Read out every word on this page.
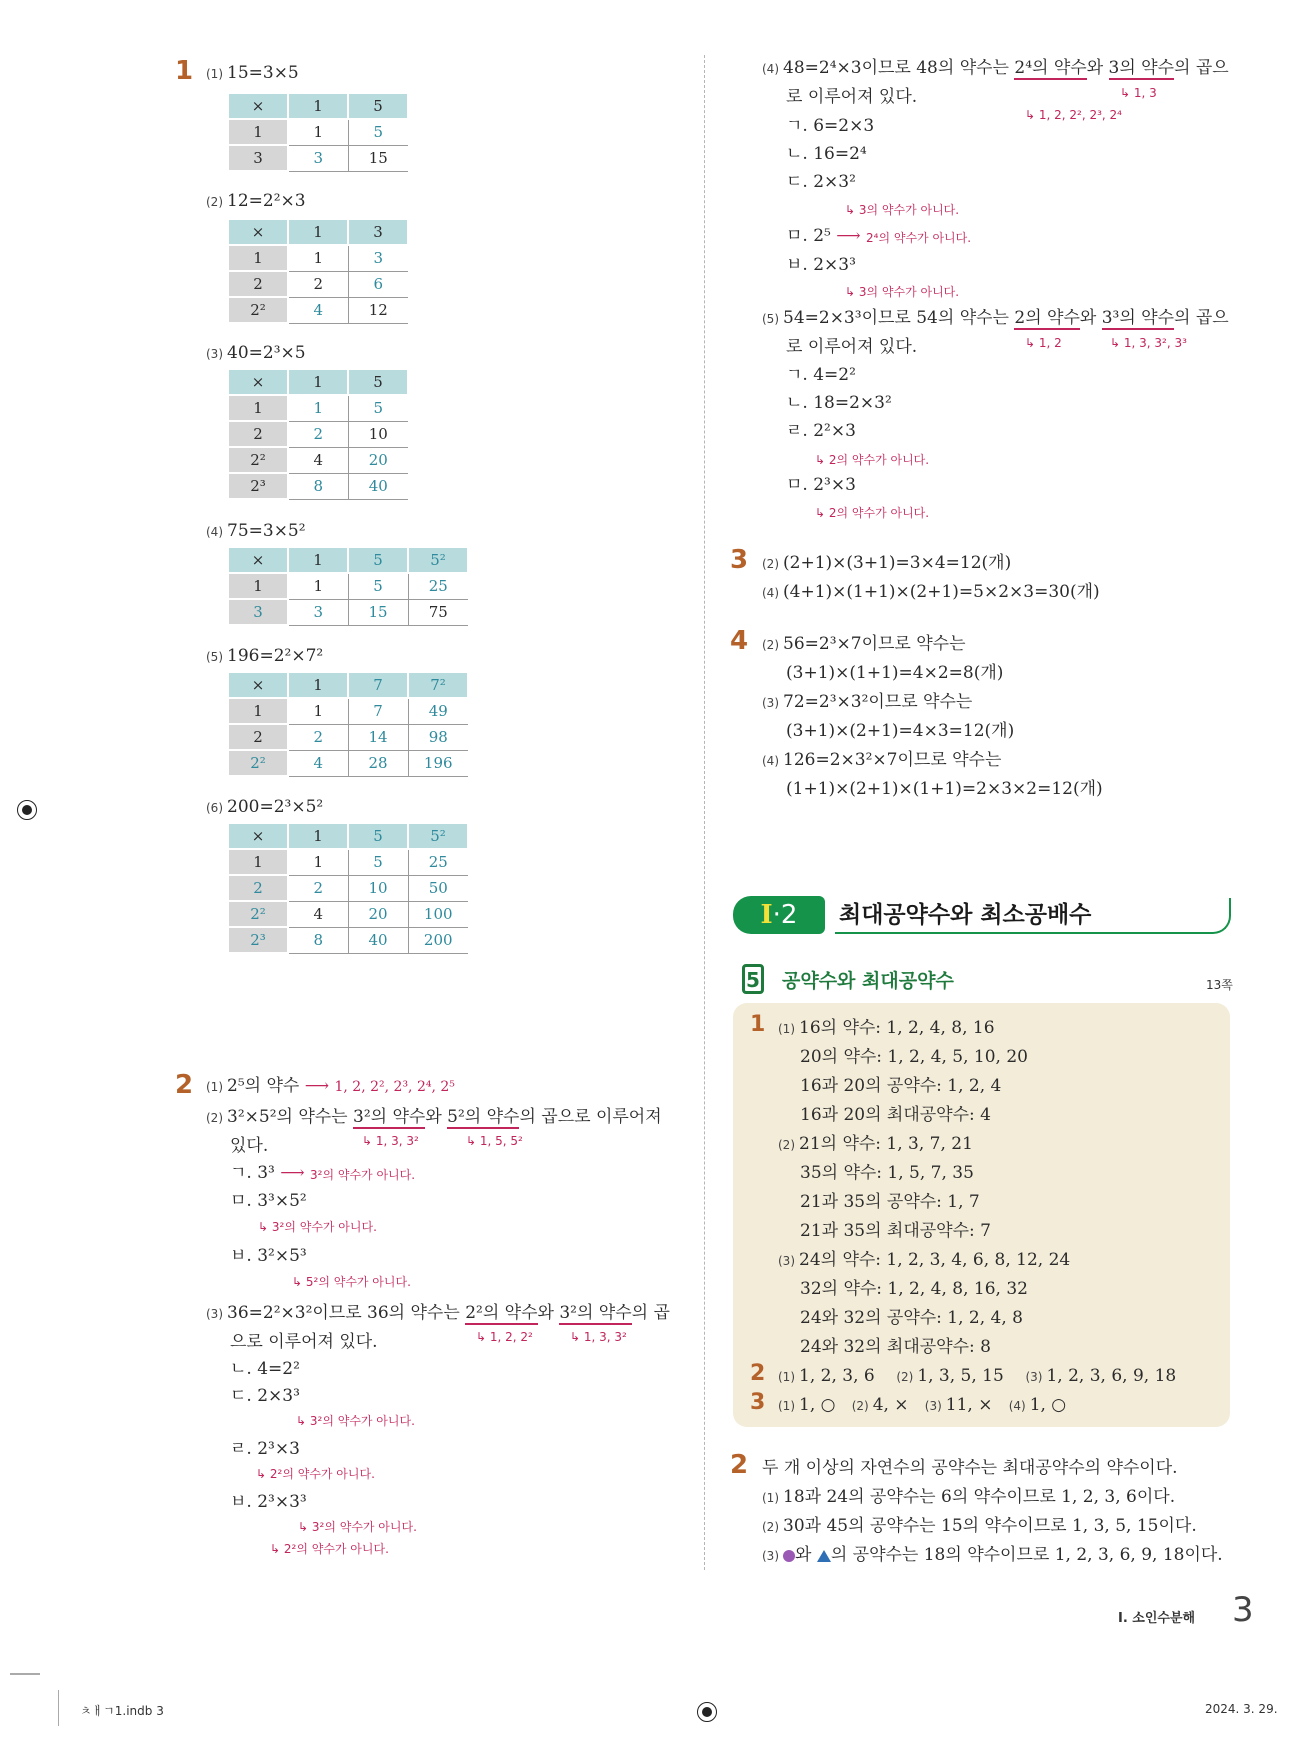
1 (1) 15=3×5
×	1	5
1	1	5
3	3	15
(2) 12=2²×3
×	1	3
1	1	3
2	2	6
2²	4	12
(3) 40=2³×5
×	1	5
1	1	5
2	2	10
2²	4	20
2³	8	40
(4) 75=3×5²
×	1	5	5²
1	1	5	25
3	3	15	75
(5) 196=2²×7²
×	1	7	7²
1	1	7	49
2	2	14	98
2²	4	28	196
(6) 200=2³×5²
×	1	5	5²
1	1	5	25
2	2	10	50
2²	4	20	100
2³	8	40	200
2 (1) 2⁵의 약수 ⟶ 1, 2, 2², 2³, 2⁴, 2⁵
(2) 3²×5²의 약수는 3²의 약수와 5²의 약수의 곱으로 이루어져
있다.	↳ 1, 3, 3²	↳ 1, 5, 5²
ㄱ. 3³ ⟶ 3²의 약수가 아니다.
ㅁ. 3³×5²
↳ 3²의 약수가 아니다.
ㅂ. 3²×5³
↳ 5²의 약수가 아니다.
(3) 36=2²×3²이므로 36의 약수는 2²의 약수와 3²의 약수의 곱
으로 이루어져 있다.	↳ 1, 2, 2²	↳ 1, 3, 3²
ㄴ. 4=2²
ㄷ. 2×3³
↳ 3²의 약수가 아니다.
ㄹ. 2³×3
↳ 2²의 약수가 아니다.
ㅂ. 2³×3³
↳ 3²의 약수가 아니다.
↳ 2²의 약수가 아니다.
(4) 48=2⁴×3이므로 48의 약수는 2⁴의 약수와 3의 약수의 곱으
로 이루어져 있다.
↳ 1, 2, 2², 2³, 2⁴
↳ 1, 3
ㄱ. 6=2×3
ㄴ. 16=2⁴
ㄷ. 2×3²
↳ 3의 약수가 아니다.
ㅁ. 2⁵ ⟶ 2⁴의 약수가 아니다.
ㅂ. 2×3³
↳ 3의 약수가 아니다.
(5) 54=2×3³이므로 54의 약수는 2의 약수와 3³의 약수의 곱으
로 이루어져 있다.	↳ 1, 2	↳ 1, 3, 3², 3³
ㄱ. 4=2²
ㄴ. 18=2×3²
ㄹ. 2²×3
↳ 2의 약수가 아니다.
ㅁ. 2³×3
↳ 2의 약수가 아니다.
3 (2) (2+1)×(3+1)=3×4=12(개)
(4) (4+1)×(1+1)×(2+1)=5×2×3=30(개)
4 (2) 56=2³×7이므로 약수는
(3+1)×(1+1)=4×2=8(개)
(3) 72=2³×3²이므로 약수는
(3+1)×(2+1)=4×3=12(개)
(4) 126=2×3²×7이므로 약수는
(1+1)×(2+1)×(1+1)=2×3×2=12(개)
I·2	최대공약수와 최소공배수
5 공약수와 최대공약수	13쪽
1 (1) 16의 약수: 1, 2, 4, 8, 16
20의 약수: 1, 2, 4, 5, 10, 20
16과 20의 공약수: 1, 2, 4
16과 20의 최대공약수: 4
(2) 21의 약수: 1, 3, 7, 21
35의 약수: 1, 5, 7, 35
21과 35의 공약수: 1, 7
21과 35의 최대공약수: 7
(3) 24의 약수: 1, 2, 3, 4, 6, 8, 12, 24
32의 약수: 1, 2, 4, 8, 16, 32
24와 32의 공약수: 1, 2, 4, 8
24와 32의 최대공약수: 8
2 (1) 1, 2, 3, 6 (2) 1, 3, 5, 15 (3) 1, 2, 3, 6, 9, 18
3 (1) 1, ○ (2) 4, × (3) 11, × (4) 1, ○
2 두 개 이상의 자연수의 공약수는 최대공약수의 약수이다.
(1) 18과 24의 공약수는 6의 약수이므로 1, 2, 3, 6이다.
(2) 30과 45의 공약수는 15의 약수이므로 1, 3, 5, 15이다.
(3) 와 의 공약수는 18의 약수이므로 1, 2, 3, 6, 9, 18이다.
I. 소인수분해 3
ㅊㅐㄱ1.indb 3	2024. 3. 29.
